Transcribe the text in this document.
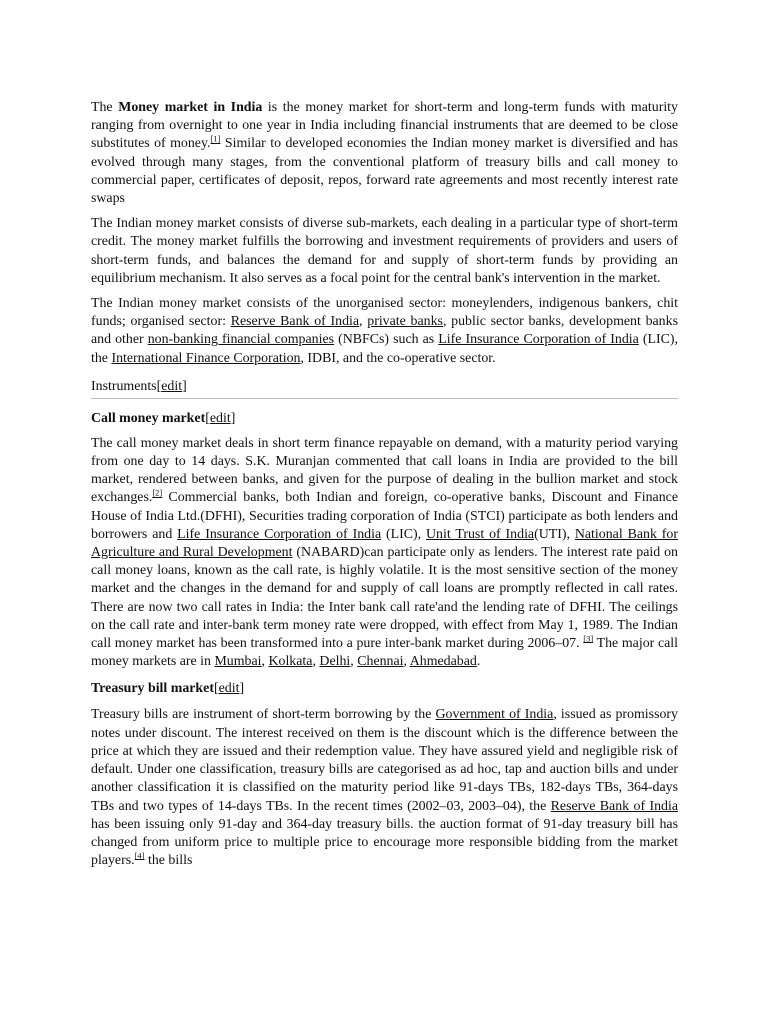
The Money market in India is the money market for short-term and long-term funds with maturity ranging from overnight to one year in India including financial instruments that are deemed to be close substitutes of money.[1] Similar to developed economies the Indian money market is diversified and has evolved through many stages, from the conventional platform of treasury bills and call money to commercial paper, certificates of deposit, repos, forward rate agreements and most recently interest rate swaps

The Indian money market consists of diverse sub-markets, each dealing in a particular type of short-term credit. The money market fulfills the borrowing and investment requirements of providers and users of short-term funds, and balances the demand for and supply of short-term funds by providing an equilibrium mechanism. It also serves as a focal point for the central bank's intervention in the market.

The Indian money market consists of the unorganised sector: moneylenders, indigenous bankers, chit funds; organised sector: Reserve Bank of India, private banks, public sector banks, development banks and other non-banking financial companies (NBFCs) such as Life Insurance Corporation of India (LIC), the International Finance Corporation, IDBI, and the co-operative sector.

Instruments[edit]
Call money market[edit]

The call money market deals in short term finance repayable on demand, with a maturity period varying from one day to 14 days. S.K. Muranjan commented that call loans in India are provided to the bill market, rendered between banks, and given for the purpose of dealing in the bullion market and stock exchanges.[2] Commercial banks, both Indian and foreign, co-operative banks, Discount and Finance House of India Ltd.(DFHI), Securities trading corporation of India (STCI) participate as both lenders and borrowers and Life Insurance Corporation of India (LIC), Unit Trust of India(UTI), National Bank for Agriculture and Rural Development (NABARD)can participate only as lenders. The interest rate paid on call money loans, known as the call rate, is highly volatile. It is the most sensitive section of the money market and the changes in the demand for and supply of call loans are promptly reflected in call rates. There are now two call rates in India: the Inter bank call rate'and the lending rate of DFHI. The ceilings on the call rate and inter-bank term money rate were dropped, with effect from May 1, 1989. The Indian call money market has been transformed into a pure inter-bank market during 2006–07. [3] The major call money markets are in Mumbai, Kolkata, Delhi, Chennai, Ahmedabad.

Treasury bill market[edit]

Treasury bills are instrument of short-term borrowing by the Government of India, issued as promissory notes under discount. The interest received on them is the discount which is the difference between the price at which they are issued and their redemption value. They have assured yield and negligible risk of default. Under one classification, treasury bills are categorised as ad hoc, tap and auction bills and under another classification it is classified on the maturity period like 91-days TBs, 182-days TBs, 364-days TBs and two types of 14-days TBs. In the recent times (2002–03, 2003–04), the Reserve Bank of India has been issuing only 91-day and 364-day treasury bills. the auction format of 91-day treasury bill has changed from uniform price to multiple price to encourage more responsible bidding from the market players.[4] the bills
